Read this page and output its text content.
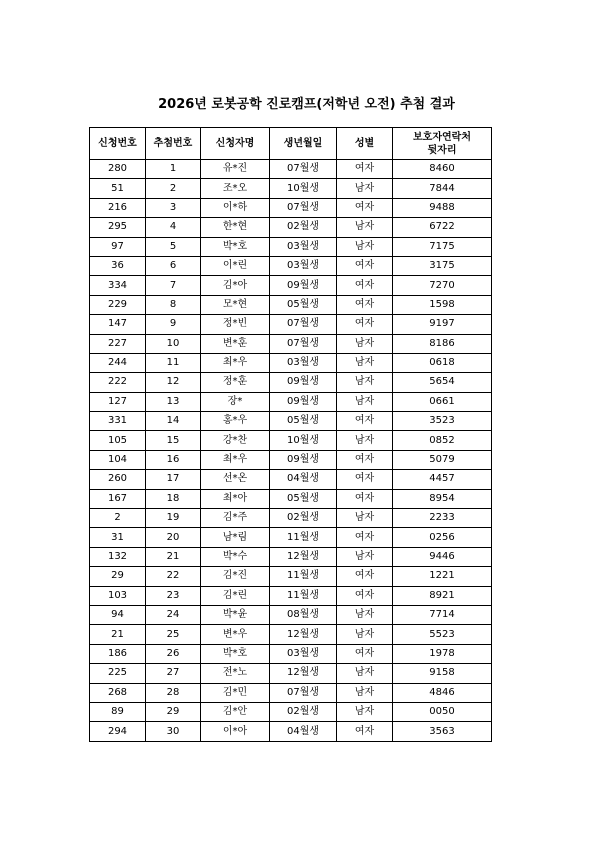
2026년 로봇공학 진로캠프(저학년 오전) 추첨 결과
신청번호	추첨번호	신청자명	생년월일	성별	보호자연락처
뒷자리
280	1	유*진	07월생	여자	8460
51	2	조*오	10월생	남자	7844
216	3	이*하	07월생	여자	9488
295	4	한*현	02월생	남자	6722
97	5	박*호	03월생	남자	7175
36	6	이*린	03월생	여자	3175
334	7	김*아	09월생	여자	7270
229	8	모*현	05월생	여자	1598
147	9	정*빈	07월생	여자	9197
227	10	변*훈	07월생	남자	8186
244	11	최*우	03월생	남자	0618
222	12	정*훈	09월생	남자	5654
127	13	장*	09월생	남자	0661
331	14	홍*우	05월생	여자	3523
105	15	강*찬	10월생	남자	0852
104	16	최*우	09월생	여자	5079
260	17	선*온	04월생	여자	4457
167	18	최*아	05월생	여자	8954
2	19	김*주	02월생	남자	2233
31	20	남*림	11월생	여자	0256
132	21	박*수	12월생	남자	9446
29	22	김*진	11월생	여자	1221
103	23	김*린	11월생	여자	8921
94	24	박*윤	08월생	남자	7714
21	25	변*우	12월생	남자	5523
186	26	박*호	03월생	여자	1978
225	27	전*노	12월생	남자	9158
268	28	김*민	07월생	남자	4846
89	29	김*안	02월생	남자	0050
294	30	이*아	04월생	여자	3563
